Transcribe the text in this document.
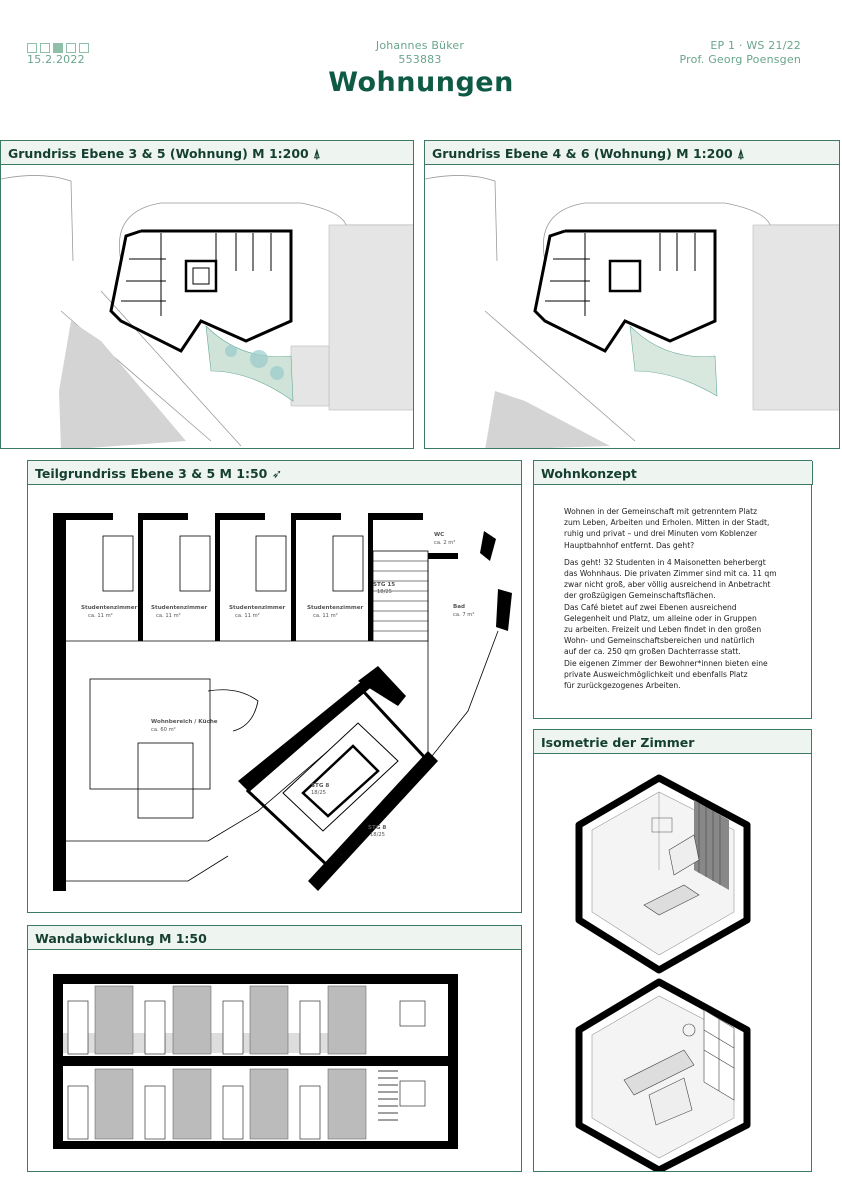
15.2.2022
Johannes Büker
553883
EP 1 · WS 21/22
Prof. Georg Poensgen
Wohnungen
Grundriss Ebene 3 & 5 (Wohnung) M 1:200 ⍋	Grundriss Ebene 4 & 6 (Wohnung) M 1:200 ⍋
Studentenzimmer
ca. 11 m²
Studentenzimmer
ca. 11 m²
Studentenzimmer
ca. 11 m²
Studentenzimmer
ca. 11 m²
WC
ca. 2 m²
Bad
ca. 7 m²
Wohnbereich / Küche
ca. 60 m²
STG 15
18/25
STG 8
18/25
STG 8
18/25
Teilgrundriss Ebene 3 & 5 M 1:50 ➶	Wohnkonzept

Wohnen in der Gemeinschaft mit getrenntem Platz

zum Leben, Arbeiten und Erholen. Mitten in der Stadt,

ruhig und privat – und drei Minuten vom Koblenzer

Hauptbahnhof entfernt. Das geht?

Das geht! 32 Studenten in 4 Maisonetten beherbergt

das Wohnhaus. Die privaten Zimmer sind mit ca. 11 qm

zwar nicht groß, aber völlig ausreichend in Anbetracht

der großzügigen Gemeinschaftsflächen.

Das Café bietet auf zwei Ebenen ausreichend

Gelegenheit und Platz, um alleine oder in Gruppen

zu arbeiten. Freizeit und Leben findet in den großen

Wohn- und Gemeinschaftsbereichen und natürlich

auf der ca. 250 qm großen Dachterrasse statt.

Die eigenen Zimmer der Bewohner*innen bieten eine

private Ausweichmöglichkeit und ebenfalls Platz

für zurückgezogenes Arbeiten.

Isometrie der Zimmer
Wandabwicklung M 1:50
